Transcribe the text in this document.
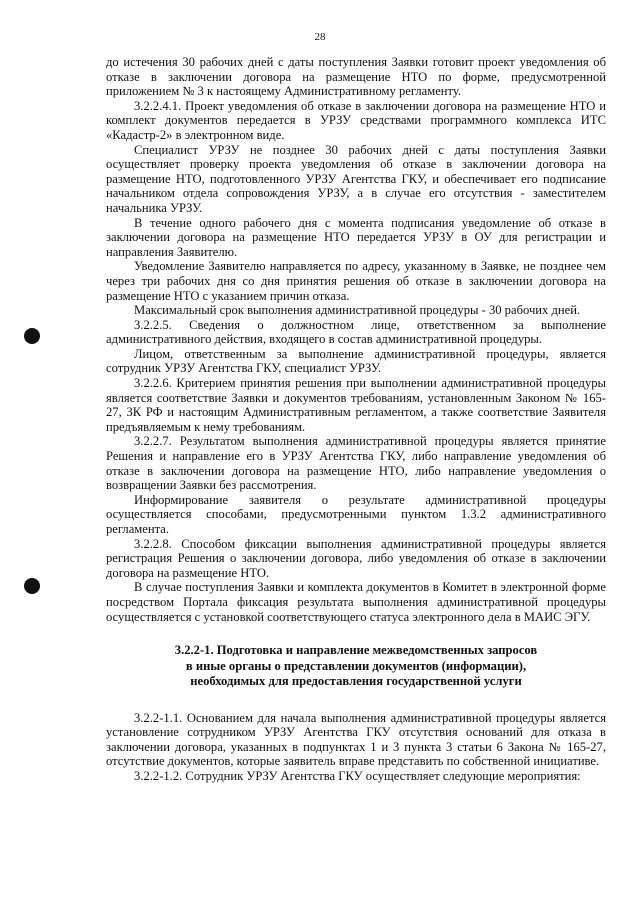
28

до истечения 30 рабочих дней с даты поступления Заявки готовит проект уведомления об отказе в заключении договора на размещение НТО по форме, предусмотренной приложением № 3 к настоящему Административному регламенту.

3.2.2.4.1. Проект уведомления об отказе в заключении договора на размещение НТО и комплект документов передается в УРЗУ средствами программного комплекса ИТС «Кадастр-2» в электронном виде.

Специалист УРЗУ не позднее 30 рабочих дней с даты поступления Заявки осуществляет проверку проекта уведомления об отказе в заключении договора на размещение НТО, подготовленного УРЗУ Агентства ГКУ, и обеспечивает его подписание начальником отдела сопровождения УРЗУ, а в случае его отсутствия - заместителем начальника УРЗУ.

В течение одного рабочего дня с момента подписания уведомление об отказе в заключении договора на размещение НТО передается УРЗУ в ОУ для регистрации и направления Заявителю.

Уведомление Заявителю направляется по адресу, указанному в Заявке, не позднее чем через три рабочих дня со дня принятия решения об отказе в заключении договора на размещение НТО с указанием причин отказа.

Максимальный срок выполнения административной процедуры - 30 рабочих дней.

3.2.2.5. Сведения о должностном лице, ответственном за выполнение административного действия, входящего в состав административной процедуры.

Лицом, ответственным за выполнение административной процедуры, является сотрудник УРЗУ Агентства ГКУ, специалист УРЗУ.

3.2.2.6. Критерием принятия решения при выполнении административной процедуры является соответствие Заявки и документов требованиям, установленным Законом № 165-27, ЗК РФ и настоящим Административным регламентом, а также соответствие Заявителя предъявляемым к нему требованиям.

3.2.2.7. Результатом выполнения административной процедуры является принятие Решения и направление его в УРЗУ Агентства ГКУ, либо направление уведомления об отказе в заключении договора на размещение НТО, либо направление уведомления о возвращении Заявки без рассмотрения.

Информирование заявителя о результате административной процедуры осуществляется способами, предусмотренными пунктом 1.3.2 административного регламента.

3.2.2.8. Способом фиксации выполнения административной процедуры является регистрация Решения о заключении договора, либо уведомления об отказе в заключении договора на размещение НТО.

В случае поступления Заявки и комплекта документов в Комитет в электронной форме посредством Портала фиксация результата выполнения административной процедуры осуществляется с установкой соответствующего статуса электронного дела в МАИС ЭГУ.

3.2.2-1. Подготовка и направление межведомственных запросов
в иные органы о представлении документов (информации),
необходимых для предоставления государственной услуги

3.2.2-1.1. Основанием для начала выполнения административной процедуры является установление сотрудником УРЗУ Агентства ГКУ отсутствия оснований для отказа в заключении договора, указанных в подпунктах 1 и 3 пункта 3 статьи 6 Закона № 165-27, отсутствие документов, которые заявитель вправе представить по собственной инициативе.

3.2.2-1.2. Сотрудник УРЗУ Агентства ГКУ осуществляет следующие мероприятия:
